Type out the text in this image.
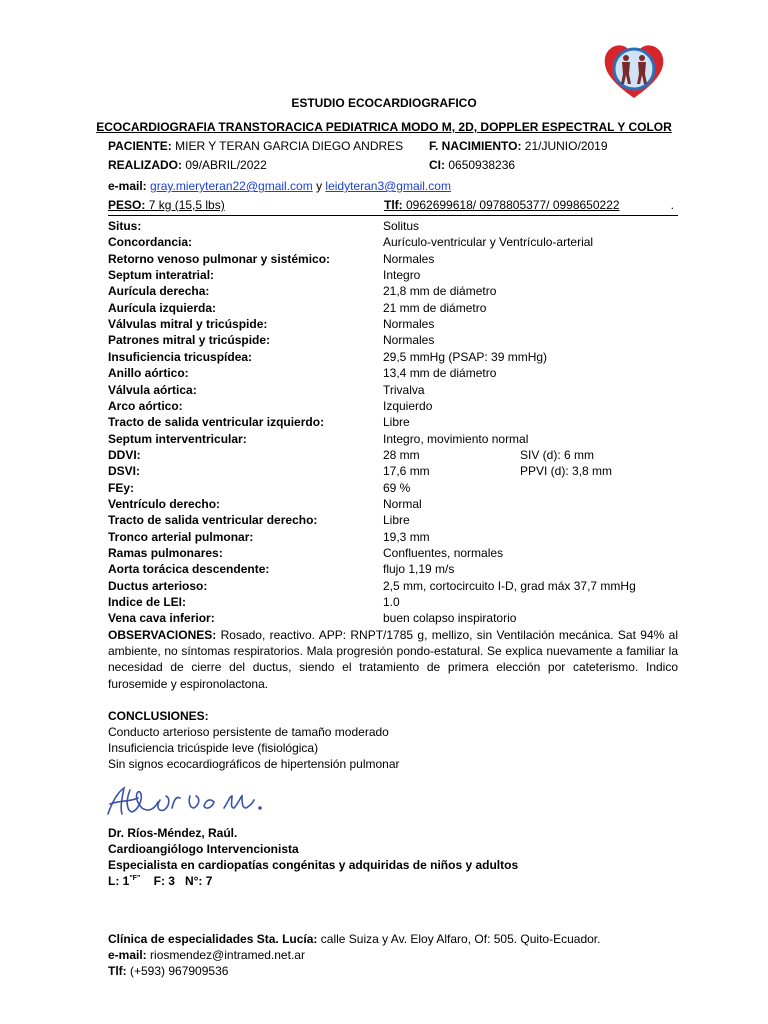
ESTUDIO ECOCARDIOGRAFICO
ECOCARDIOGRAFIA TRANSTORACICA PEDIATRICA MODO M, 2D, DOPPLER ESPECTRAL Y COLOR
PACIENTE: MIER Y TERAN GARCIA DIEGO ANDRES F. NACIMIENTO: 21/JUNIO/2019
REALIZADO: 09/ABRIL/2022	CI: 0650938236
e-mail: gray.mieryteran22@gmail.com y leidyteran3@gmail.com
PESO: 7 kg (15,5 lbs)	Tlf: 0962699618/ 0978805377/ 0998650222	.
Situs:	Solitus
Concordancia:	Aurículo-ventricular y Ventrículo-arterial
Retorno venoso pulmonar y sistémico:	Normales
Septum interatrial:	Integro
Aurícula derecha:	21,8 mm de diámetro
Aurícula izquierda:	21 mm de diámetro
Válvulas mitral y tricúspide:	Normales
Patrones mitral y tricúspide:	Normales
Insuficiencia tricuspídea:	29,5 mmHg (PSAP: 39 mmHg)
Anillo aórtico:	13,4 mm de diámetro
Válvula aórtica:	Trivalva
Arco aórtico:	Izquierdo
Tracto de salida ventricular izquierdo:	Libre
Septum interventricular:	Integro, movimiento normal
DDVI:	28 mm	SIV (d): 6 mm
DSVI:	17,6 mm	PPVI (d): 3,8 mm
FEy:	69 %
Ventrículo derecho:	Normal
Tracto de salida ventricular derecho:	Libre
Tronco arterial pulmonar:	19,3 mm
Ramas pulmonares:	Confluentes, normales
Aorta torácica descendente:	flujo 1,19 m/s
Ductus arterioso:	2,5 mm, cortocircuito I-D, grad máx 37,7 mmHg
Indice de LEI:	1.0
Vena cava inferior:	buen colapso inspiratorio
OBSERVACIONES: Rosado, reactivo. APP: RNPT/1785 g, mellizo, sin Ventilación mecánica. Sat 94% al ambiente, no síntomas respiratorios. Mala progresión pondo-estatural. Se explica nuevamente a familiar la necesidad de cierre del ductus, siendo el tratamiento de primera elección por cateterismo. Indico furosemide y espironolactona.
CONCLUSIONES:
Conducto arterioso persistente de tamaño moderado
Insuficiencia tricúspide leve (fisiológica)
Sin signos ecocardiográficos de hipertensión pulmonar
Dr. Ríos-Méndez, Raúl.
Cardioangiólogo Intervencionista
Especialista en cardiopatías congénitas y adquiridas de niños y adultos
L: $1^{"F"}$ F: 3 N°: 7
Clínica de especialidades Sta. Lucía: calle Suiza y Av. Eloy Alfaro, Of: 505. Quito-Ecuador.
e-mail: riosmendez@intramed.net.ar
Tlf: (+593) 967909536
